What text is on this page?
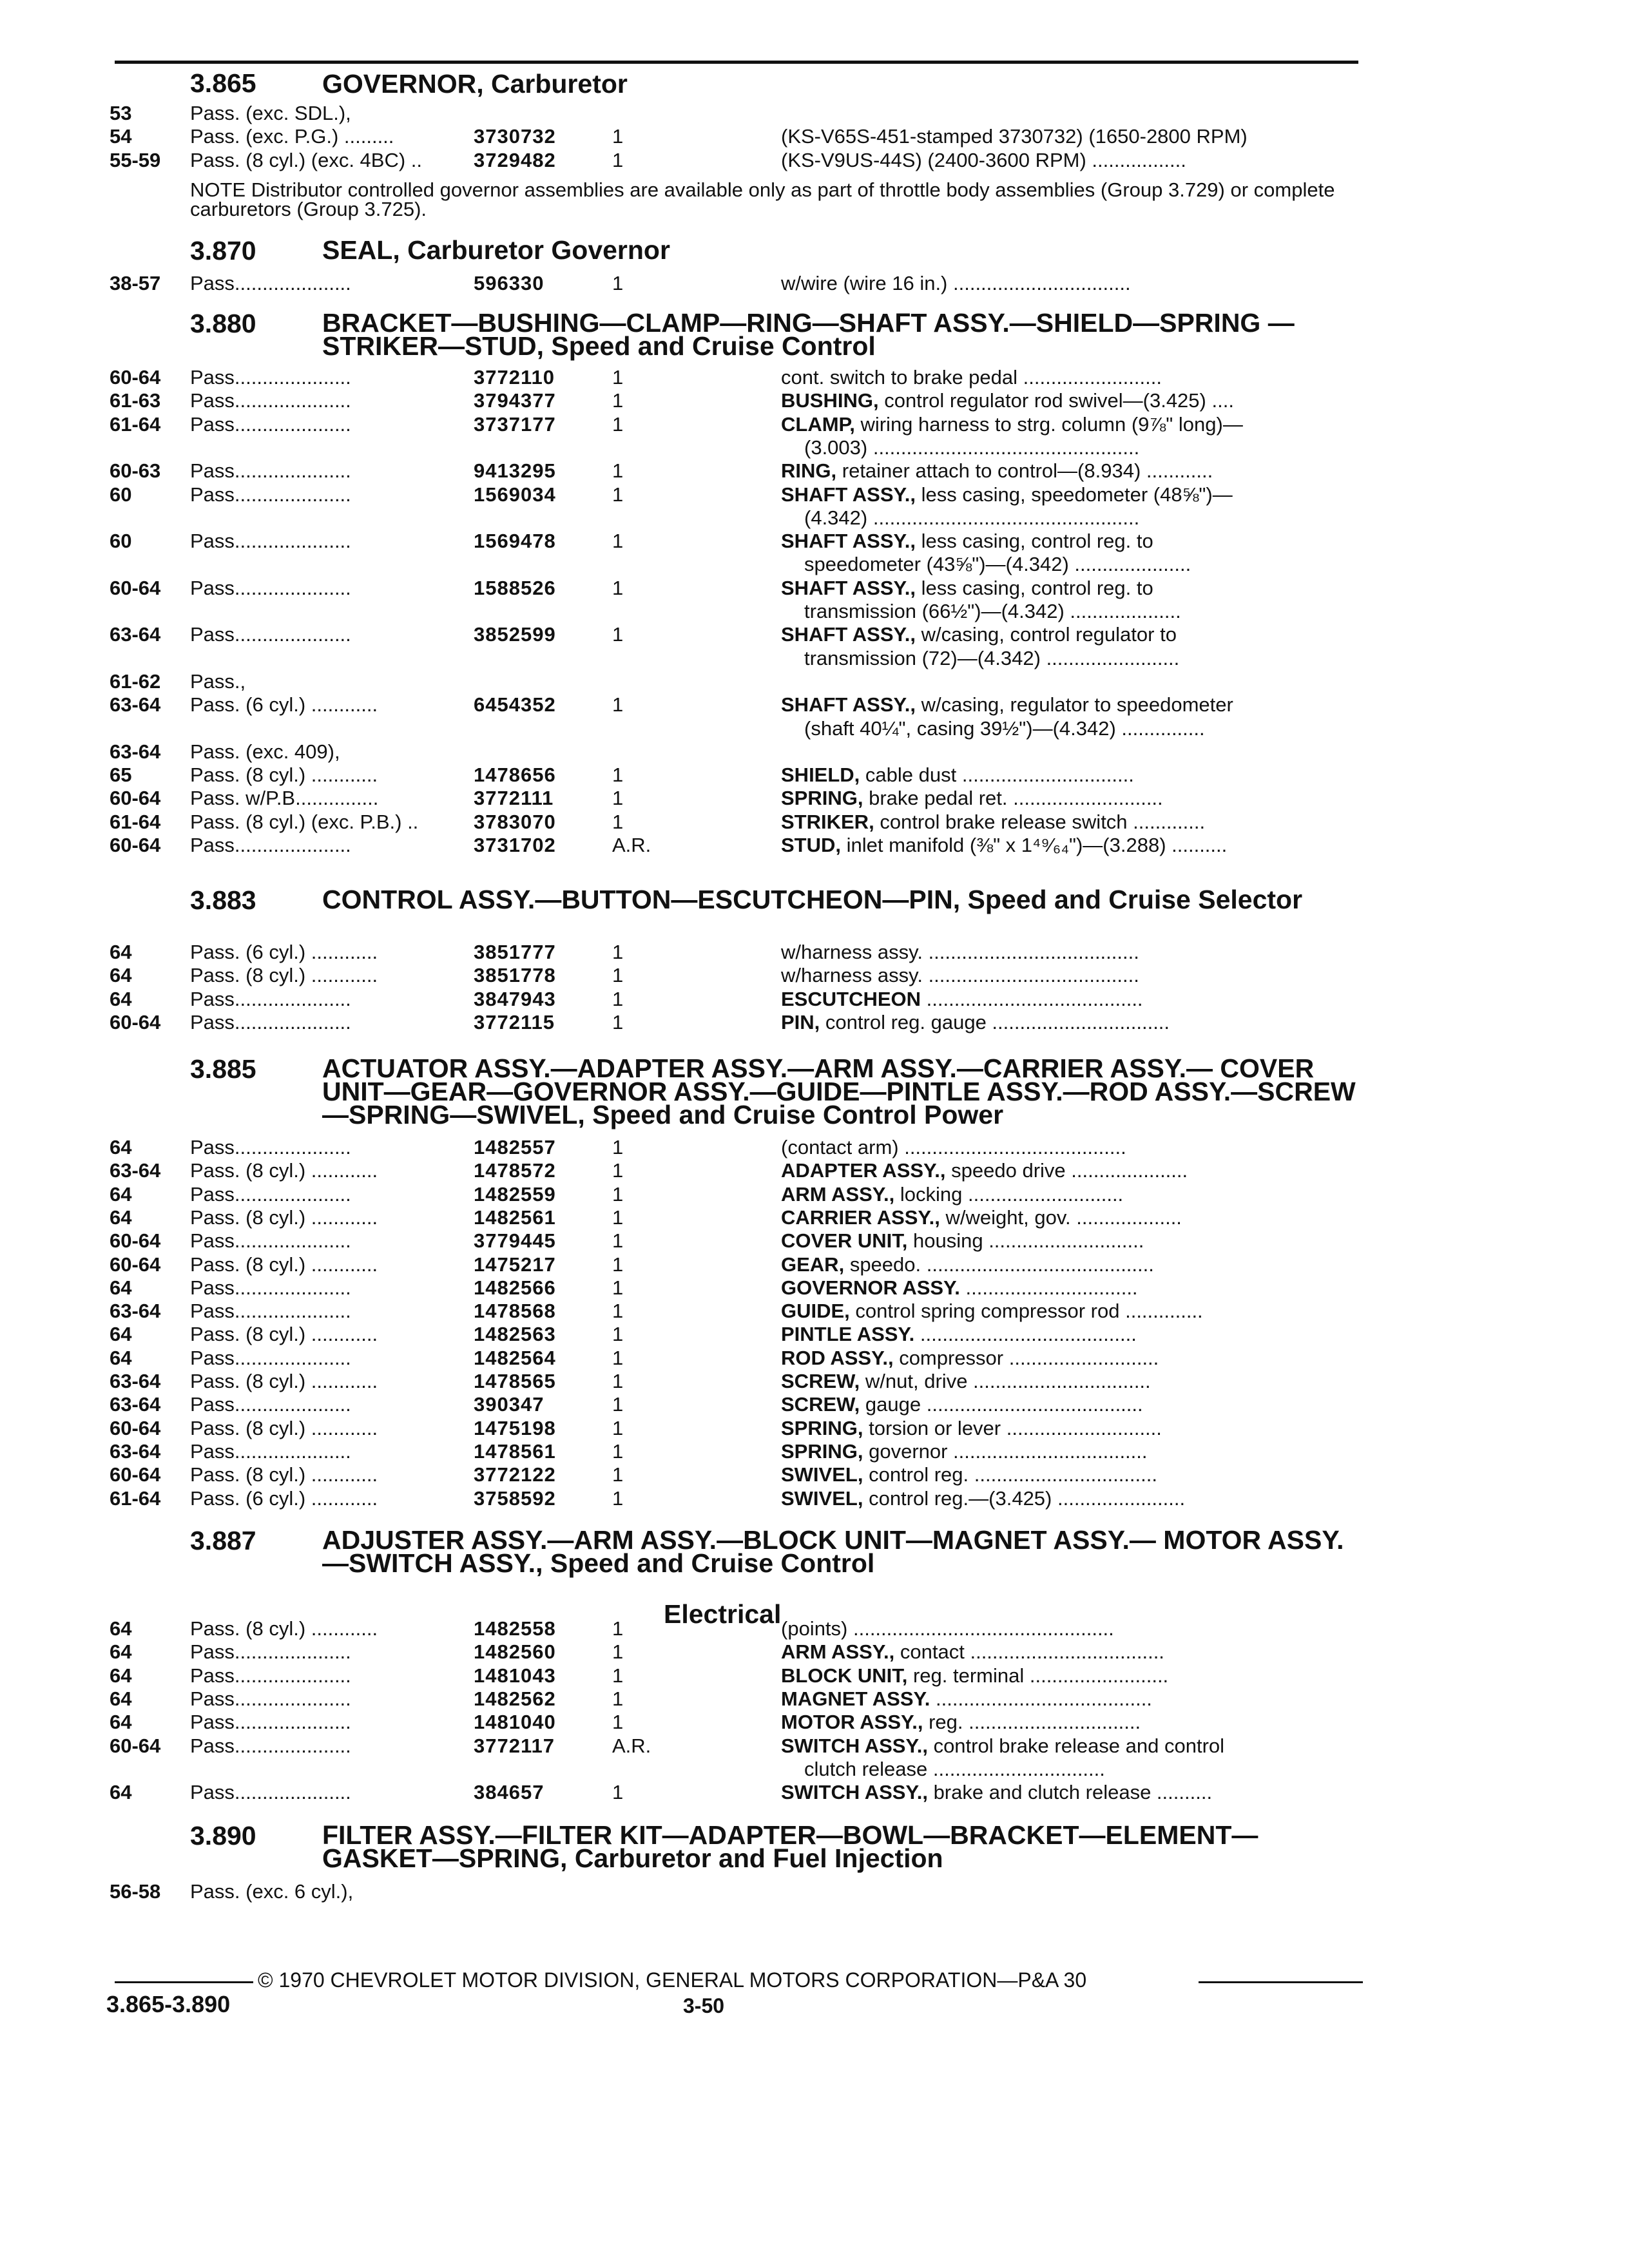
3.865 GOVERNOR, Carburetor
53	Pass. (exc. SDL.),
54	Pass. (exc. P.G.) .........	3730732	1	(KS-V65S-451-stamped 3730732) (1650-2800 RPM)
55-59 Pass. (8 cyl.) (exc. 4BC) ..	3729482	1	(KS-V9US-44S) (2400-3600 RPM) .................
NOTE Distributor controlled governor assemblies are available only as part of throttle body assemblies (Group 3.729) or complete carburetors (Group 3.725).
3.870 SEAL, Carburetor Governor
38-57 Pass.....................	596330	1	w/wire (wire 16 in.) ................................
3.880 BRACKET—BUSHING—CLAMP—RING—SHAFT ASSY.—SHIELD—SPRING —STRIKER—STUD, Speed and Cruise Control
60-64 Pass.....................	3772110	1	cont. switch to brake pedal .........................
61-63 Pass.....................	3794377	1	BUSHING, control regulator rod swivel—(3.425) ....
61-64 Pass.....................	3737177	1	CLAMP, wiring harness to strg. column (9⅞" long)—
(3.003) ................................................
60-63 Pass.....................	9413295	1	RING, retainer attach to control—(8.934) ............
60	Pass.....................	1569034	1	SHAFT ASSY., less casing, speedometer (48⅝")—
(4.342) ................................................
60	Pass.....................	1569478	1	SHAFT ASSY., less casing, control reg. to
speedometer (43⅝")—(4.342) .....................
60-64 Pass.....................	1588526	1	SHAFT ASSY., less casing, control reg. to
transmission (66½")—(4.342) ....................
63-64 Pass.....................	3852599	1	SHAFT ASSY., w/casing, control regulator to
transmission (72)—(4.342) ........................
61-62 Pass.,
63-64 Pass. (6 cyl.) ............	6454352	1	SHAFT ASSY., w/casing, regulator to speedometer
(shaft 40¼", casing 39½")—(4.342) ...............
63-64 Pass. (exc. 409),
65	Pass. (8 cyl.) ............	1478656	1	SHIELD, cable dust ...............................
60-64 Pass. w/P.B...............	3772111	1	SPRING, brake pedal ret. ...........................
61-64 Pass. (8 cyl.) (exc. P.B.) ..	3783070	1	STRIKER, control brake release switch .............
60-64 Pass.....................	3731702	A.R.	STUD, inlet manifold (⅜" x 1⁴⁹⁄₆₄")—(3.288) ..........
3.883 CONTROL ASSY.—BUTTON—ESCUTCHEON—PIN, Speed and Cruise Selector
64	Pass. (6 cyl.) ............	3851777	1	w/harness assy. ......................................
64	Pass. (8 cyl.) ............	3851778	1	w/harness assy. ......................................
64	Pass.....................	3847943	1	ESCUTCHEON .......................................
60-64 Pass.....................	3772115	1	PIN, control reg. gauge ................................
3.885 ACTUATOR ASSY.—ADAPTER ASSY.—ARM ASSY.—CARRIER ASSY.— COVER UNIT—GEAR—GOVERNOR ASSY.—GUIDE—PINTLE ASSY.—ROD ASSY.—SCREW—SPRING—SWIVEL, Speed and Cruise Control Power
64	Pass.....................	1482557	1	(contact arm) ........................................
63-64 Pass. (8 cyl.) ............	1478572	1	ADAPTER ASSY., speedo drive .....................
64	Pass.....................	1482559	1	ARM ASSY., locking ............................
64	Pass. (8 cyl.) ............	1482561	1	CARRIER ASSY., w/weight, gov. ...................
60-64 Pass.....................	3779445	1	COVER UNIT, housing ............................
60-64 Pass. (8 cyl.) ............	1475217	1	GEAR, speedo. .........................................
64	Pass.....................	1482566	1	GOVERNOR ASSY. ...............................
63-64 Pass.....................	1478568	1	GUIDE, control spring compressor rod ..............
64	Pass. (8 cyl.) ............	1482563	1	PINTLE ASSY. .......................................
64	Pass.....................	1482564	1	ROD ASSY., compressor ...........................
63-64 Pass. (8 cyl.) ............	1478565	1	SCREW, w/nut, drive ................................
63-64 Pass.....................	390347	1	SCREW, gauge .......................................
60-64 Pass. (8 cyl.) ............	1475198	1	SPRING, torsion or lever ............................
63-64 Pass.....................	1478561	1	SPRING, governor ...................................
60-64 Pass. (8 cyl.) ............	3772122	1	SWIVEL, control reg. .................................
61-64 Pass. (6 cyl.) ............	3758592	1	SWIVEL, control reg.—(3.425) .......................
3.887 ADJUSTER ASSY.—ARM ASSY.—BLOCK UNIT—MAGNET ASSY.— MOTOR ASSY.—SWITCH ASSY., Speed and Cruise Control
Electrical
64	Pass. (8 cyl.) ............	1482558	1	(points) ...............................................
64	Pass.....................	1482560	1	ARM ASSY., contact ...................................
64	Pass.....................	1481043	1	BLOCK UNIT, reg. terminal .........................
64	Pass.....................	1482562	1	MAGNET ASSY. .......................................
64	Pass.....................	1481040	1	MOTOR ASSY., reg. ...............................
60-64 Pass.....................	3772117	A.R.	SWITCH ASSY., control brake release and control
clutch release ...............................
64	Pass.....................	384657	1	SWITCH ASSY., brake and clutch release ..........
3.890 FILTER ASSY.—FILTER KIT—ADAPTER—BOWL—BRACKET—ELEMENT— GASKET—SPRING, Carburetor and Fuel Injection
56-58 Pass. (exc. 6 cyl.),
© 1970 CHEVROLET MOTOR DIVISION, GENERAL MOTORS CORPORATION—P&A 30
3.865-3.890	3-50
